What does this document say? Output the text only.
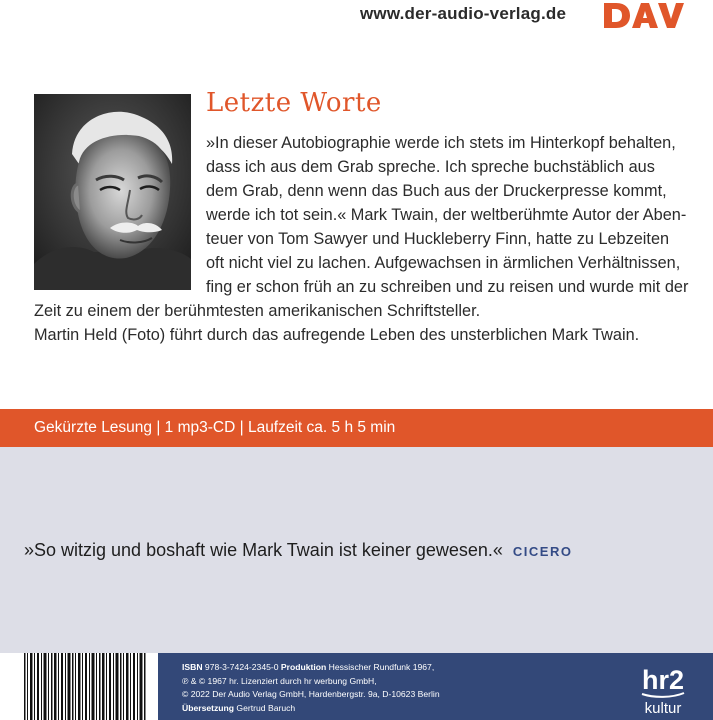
www.der-audio-verlag.de
Letzte Worte
»In dieser Autobiographie werde ich stets im Hinterkopf behalten,
dass ich aus dem Grab spreche. Ich spreche buchstäblich aus
dem Grab, denn wenn das Buch aus der Druckerpresse kommt,
werde ich tot sein.« Mark Twain, der weltberühmte Autor der Aben-
teuer von Tom Sawyer und Huckleberry Finn, hatte zu Lebzeiten
oft nicht viel zu lachen. Aufgewachsen in ärmlichen Verhältnissen,
fing er schon früh an zu schreiben und zu reisen und wurde mit der
Zeit zu einem der berühmtesten amerikanischen Schriftsteller.
Martin Held (Foto) führt durch das aufregende Leben des unsterblichen Mark Twain.
Gekürzte Lesung | 1 mp3-CD | Laufzeit ca. 5 h 5 min
»So witzig und boshaft wie Mark Twain ist keiner gewesen.« CICERO
ISBN 978-3-7424-2345-0 Produktion Hessischer Rundfunk 1967,
℗ & © 1967 hr. Lizenziert durch hr werbung GmbH,
© 2022 Der Audio Verlag GmbH, Hardenbergstr. 9a, D-10623 Berlin
Übersetzung Gertrud Baruch
hr2
kultur
